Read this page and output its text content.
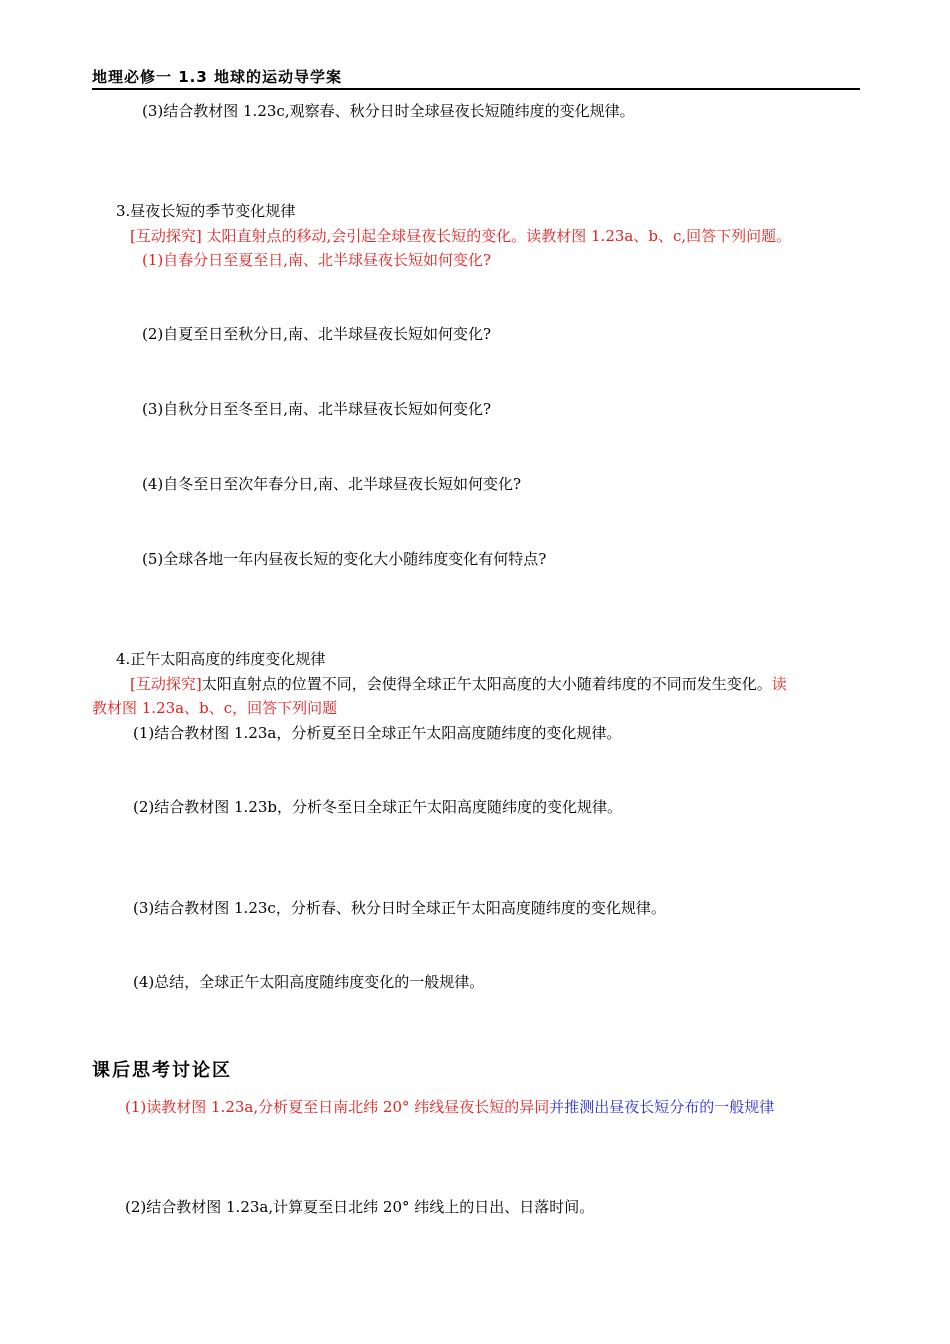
地理必修一 1.3 地球的运动导学案
(3)结合教材图 1.23c,观察春、秋分日时全球昼夜长短随纬度的变化规律。
3.昼夜长短的季节变化规律
[互动探究] 太阳直射点的移动,会引起全球昼夜长短的变化。读教材图 1.23a、b、c,回答下列问题。
(1)自春分日至夏至日,南、北半球昼夜长短如何变化?
(2)自夏至日至秋分日,南、北半球昼夜长短如何变化?
(3)自秋分日至冬至日,南、北半球昼夜长短如何变化?
(4)自冬至日至次年春分日,南、北半球昼夜长短如何变化?
(5)全球各地一年内昼夜长短的变化大小随纬度变化有何特点?
4.正午太阳高度的纬度变化规律
[互动探究]太阳直射点的位置不同，会使得全球正午太阳高度的大小随着纬度的不同而发生变化。读
教材图 1.23a、b、c，回答下列问题
(1)结合教材图 1.23a，分析夏至日全球正午太阳高度随纬度的变化规律。
(2)结合教材图 1.23b，分析冬至日全球正午太阳高度随纬度的变化规律。
(3)结合教材图 1.23c，分析春、秋分日时全球正午太阳高度随纬度的变化规律。
(4)总结，全球正午太阳高度随纬度变化的一般规律。
课后思考讨论区
(1)读教材图 1.23a,分析夏至日南北纬 20° 纬线昼夜长短的异同并推测出昼夜长短分布的一般规律
(2)结合教材图 1.23a,计算夏至日北纬 20° 纬线上的日出、日落时间。
